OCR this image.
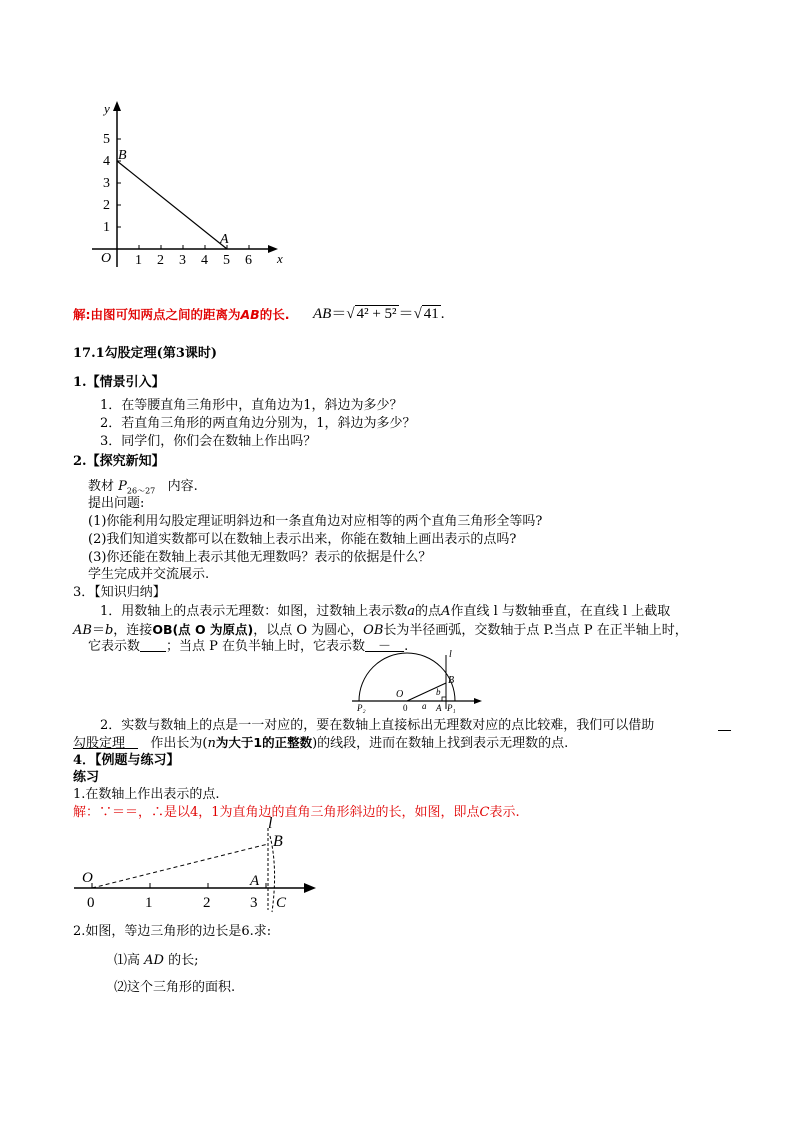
y
x
O
1
2
3
4
5
1 2 3 4 5 6
B
A
解:由图可知两点之间的距离为AB的长. AB＝√ 4² + 5² ＝√ 41 .
17.1勾股定理(第3课时)
1.【情景引入】
1．在等腰直角三角形中，直角边为1，斜边为多少？
2．若直角三角形的两直角边分别为，1，斜边为多少？
3．同学们，你们会在数轴上作出吗？
2.【探究新知】
教材 $P_{26\sim 27}$ 内容.
提出问题:
(1)你能利用勾股定理证明斜边和一条直角边对应相等的两个直角三角形全等吗?
(2)我们知道实数都可以在数轴上表示出来，你能在数轴上画出表示的点吗?
(3)你还能在数轴上表示其他无理数吗？表示的依据是什么？
学生完成并交流展示.
3．【知识归纳】
1．用数轴上的点表示无理数：如图，过数轴上表示数a的点A作直线 l 与数轴垂直，在直线 l 上截取
AB＝b，连接OB(点 O 为原点)，以点 O 为圆心，OB长为半径画弧，交数轴于点 P.当点 P 在正半轴上时，
它表示数＿＿；当点 P 在负半轴上时，它表示数＿－＿.
l
B
O	b
a
P₂	0	A P₁
2．实数与数轴上的点是一一对应的，要在数轴上直接标出无理数对应的点比较难，我们可以借助	＿
勾股定理＿ 作出长为(n为大于1的正整数)的线段，进而在数轴上找到表示无理数的点.
4．【例题与练习】
练习
1.在数轴上作出表示的点.
解：∵＝＝，∴是以4，1为直角边的直角三角形斜边的长，如图，即点C表示.
l
B
O	A
0	1	2	3 C
2.如图，等边三角形的边长是6.求:
⑴高 AD 的长;
⑵这个三角形的面积.
